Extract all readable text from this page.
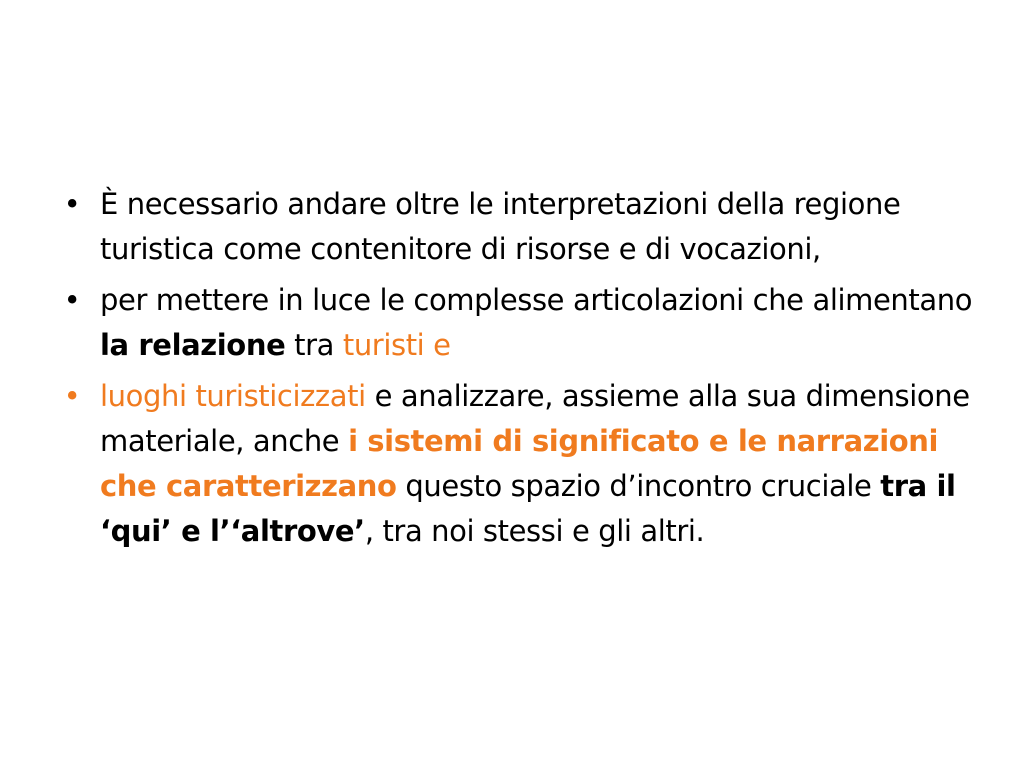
• È necessario andare oltre le interpretazioni della regione turistica come contenitore di risorse e di vocazioni,
• per mettere in luce le complesse articolazioni che alimentano la relazione tra turisti e
• luoghi turisticizzati e analizzare, assieme alla sua dimensione materiale, anche i sistemi di significato e le narrazioni che caratterizzano questo spazio d’incontro cruciale tra il ‘qui’ e l’‘altrove’, tra noi stessi e gli altri.
